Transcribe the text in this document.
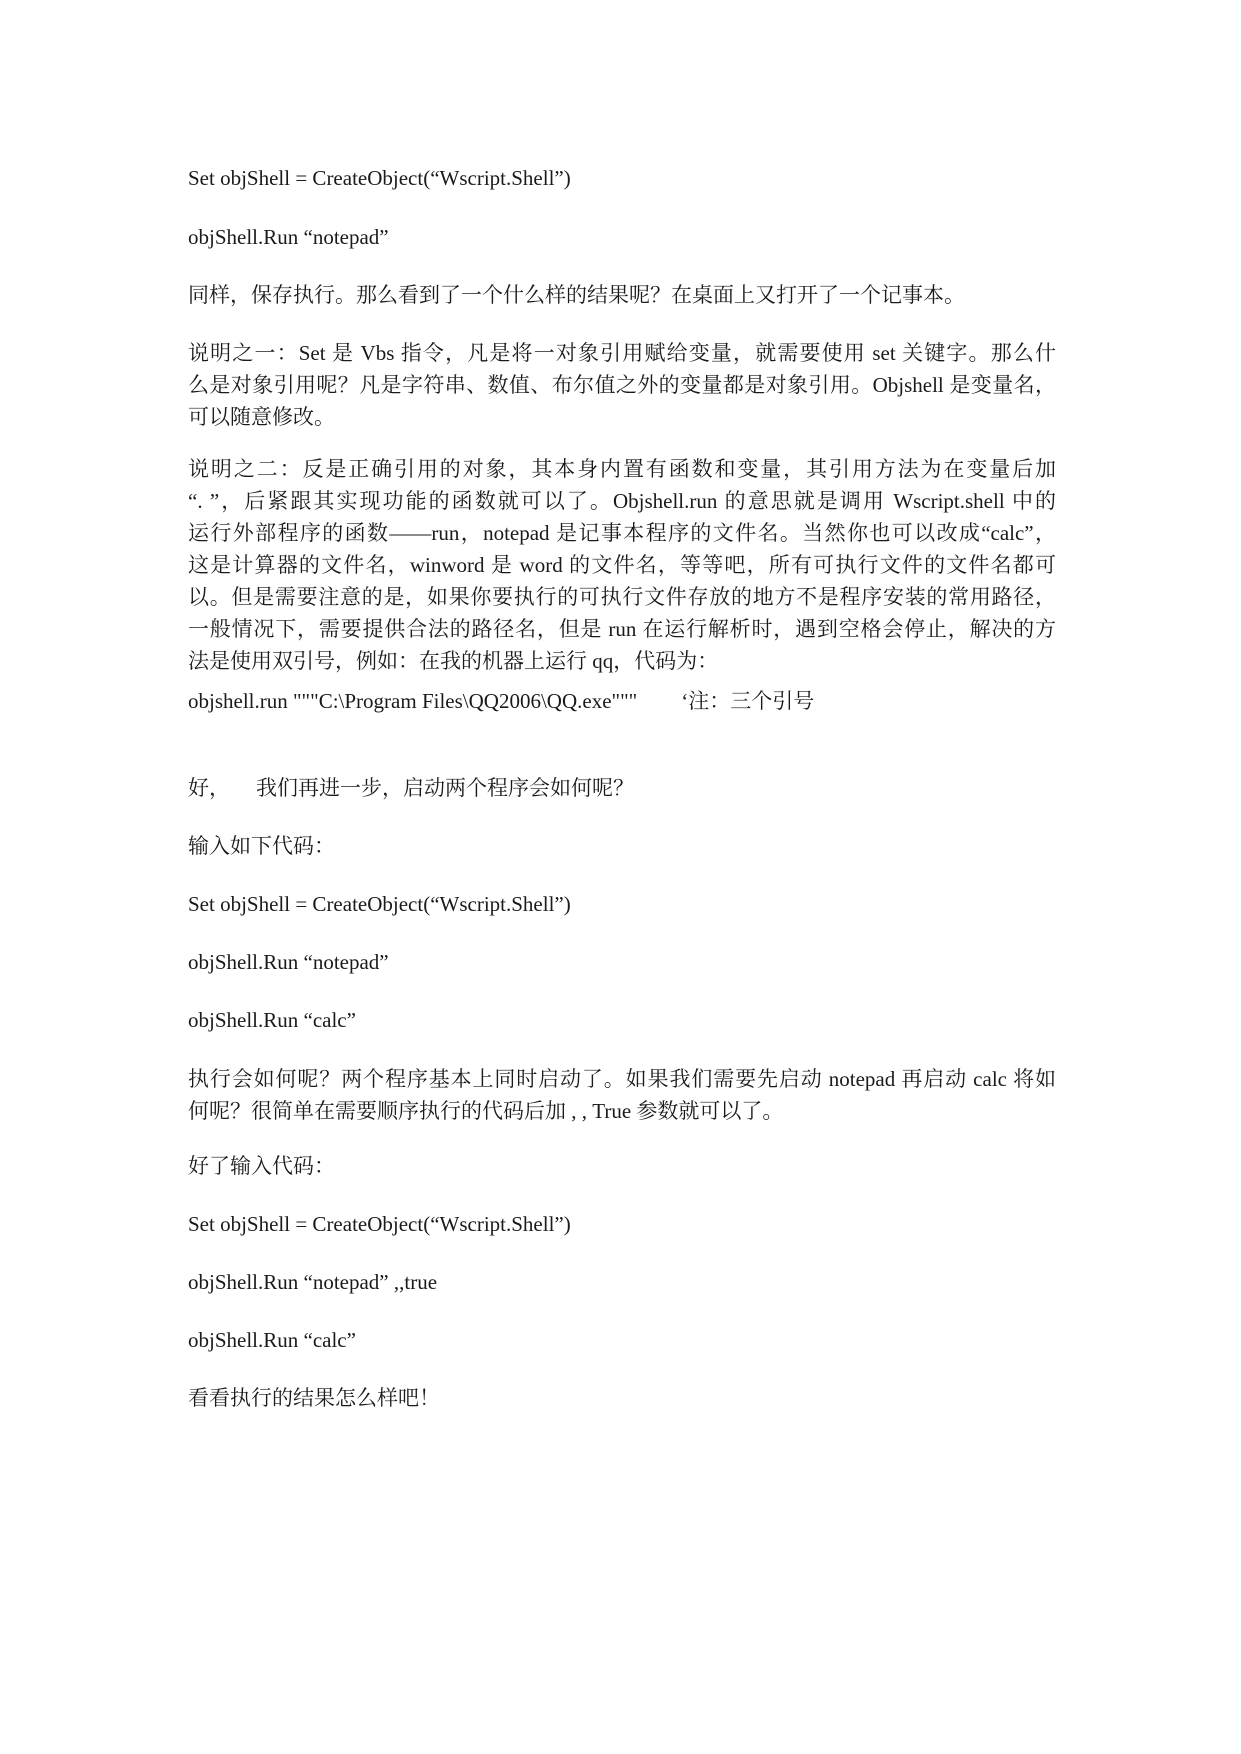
Set objShell = CreateObject(“Wscript.Shell”)

objShell.Run “notepad”

同样，保存执行。那么看到了一个什么样的结果呢？在桌面上又打开了一个记事本。

说明之一：Set 是 Vbs 指令，凡是将一对象引用赋给变量，就需要使用 set 关键字。那么什
么是对象引用呢？凡是字符串、数值、布尔值之外的变量都是对象引用。Objshell 是变量名，
可以随意修改。
说明之二：反是正确引用的对象，其本身内置有函数和变量，其引用方法为在变量后加
“. ”，后紧跟其实现功能的函数就可以了。Objshell.run 的意思就是调用 Wscript.shell 中的
运行外部程序的函数——run，notepad 是记事本程序的文件名。当然你也可以改成“calc”，
这是计算器的文件名，winword 是 word 的文件名，等等吧，所有可执行文件的文件名都可
以。但是需要注意的是，如果你要执行的可执行文件存放的地方不是程序安装的常用路径，
一般情况下，需要提供合法的路径名，但是 run 在运行解析时，遇到空格会停止，解决的方
法是使用双引号，例如：在我的机器上运行 qq，代码为：

objshell.run """C:\Program Files\QQ2006\QQ.exe""" ‘注：三个引号

好， 我们再进一步，启动两个程序会如何呢？

输入如下代码：

Set objShell = CreateObject(“Wscript.Shell”)

objShell.Run “notepad”

objShell.Run “calc”

执行会如何呢？两个程序基本上同时启动了。如果我们需要先启动 notepad 再启动 calc 将如
何呢？很简单在需要顺序执行的代码后加 , , True 参数就可以了。

好了输入代码：

Set objShell = CreateObject(“Wscript.Shell”)

objShell.Run “notepad” ,,true

objShell.Run “calc”

看看执行的结果怎么样吧！
